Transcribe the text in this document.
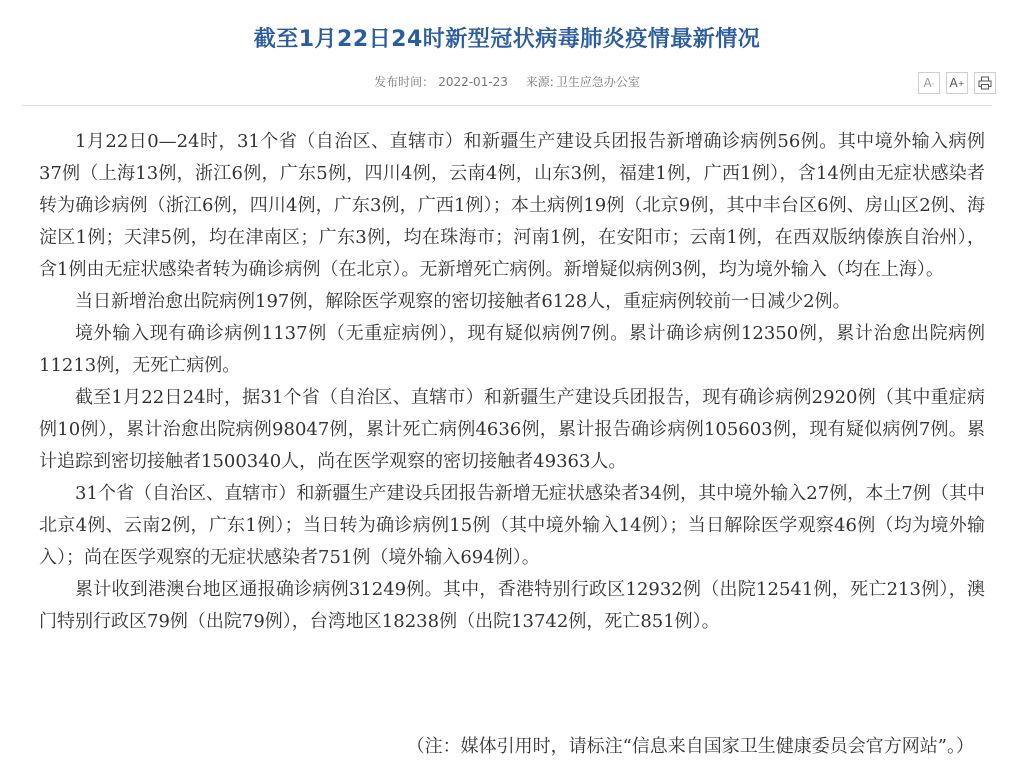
截至1月22日24时新型冠状病毒肺炎疫情最新情况
发布时间： 2022-01-23 来源: 卫生应急办公室	A - A +

1月22日0—24时，31个省（自治区、直辖市）和新疆生产建设兵团报告新增确诊病例56例。其中境外输入病例37例（上海13例，浙江6例，广东5例，四川4例，云南4例，山东3例，福建1例，广西1例），含14例由无症状感染者转为确诊病例（浙江6例，四川4例，广东3例，广西1例）；本土病例19例（北京9例，其中丰台区6例、房山区2例、海淀区1例；天津5例，均在津南区；广东3例，均在珠海市；河南1例，在安阳市；云南1例，在西双版纳傣族自治州），含1例由无症状感染者转为确诊病例（在北京）。无新增死亡病例。新增疑似病例3例，均为境外输入（均在上海）。

当日新增治愈出院病例197例，解除医学观察的密切接触者6128人，重症病例较前一日减少2例。

境外输入现有确诊病例1137例（无重症病例），现有疑似病例7例。累计确诊病例12350例，累计治愈出院病例11213例，无死亡病例。

截至1月22日24时，据31个省（自治区、直辖市）和新疆生产建设兵团报告，现有确诊病例2920例（其中重症病例10例），累计治愈出院病例98047例，累计死亡病例4636例，累计报告确诊病例105603例，现有疑似病例7例。累计追踪到密切接触者1500340人，尚在医学观察的密切接触者49363人。

31个省（自治区、直辖市）和新疆生产建设兵团报告新增无症状感染者34例，其中境外输入27例，本土7例（其中北京4例、云南2例，广东1例）；当日转为确诊病例15例（其中境外输入14例）；当日解除医学观察46例（均为境外输入）；尚在医学观察的无症状感染者751例（境外输入694例）。

累计收到港澳台地区通报确诊病例31249例。其中，香港特别行政区12932例（出院12541例，死亡213例），澳门特别行政区79例（出院79例），台湾地区18238例（出院13742例，死亡851例）。

（注：媒体引用时，请标注“信息来自国家卫生健康委员会官方网站”。）
